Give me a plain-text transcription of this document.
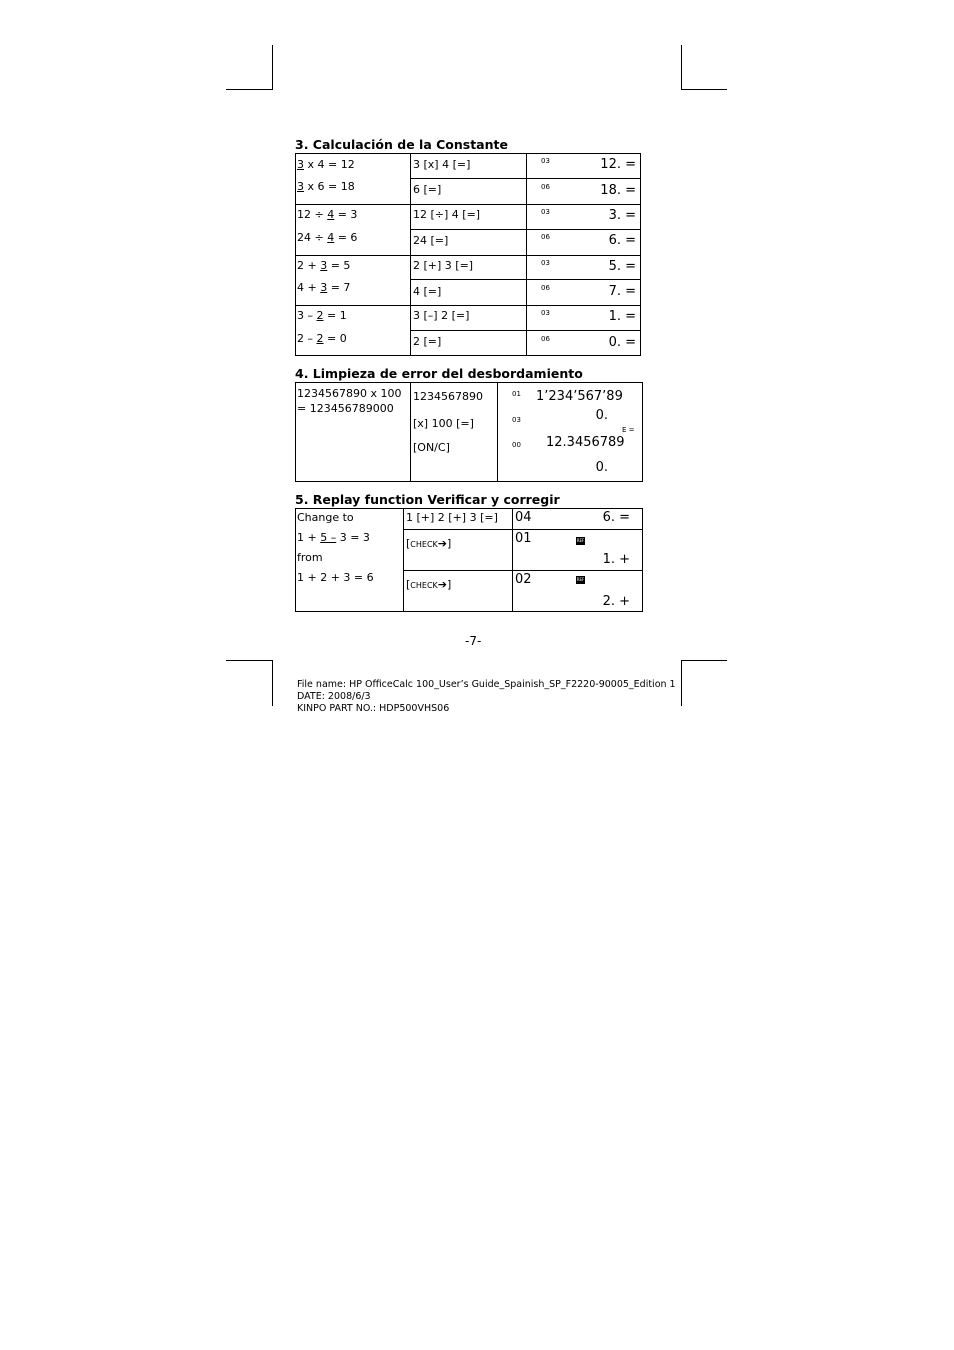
3. Calculación de la Constante
3 x 4 = 12
3 x 6 = 18
3 [x] 4 [=]
6 [=]
03
06
12. =
18. =
12 ÷ 4 = 3
24 ÷ 4 = 6
12 [÷] 4 [=]
24 [=]
03
06
3. =
6. =
2 + 3 = 5
4 + 3 = 7
2 [+] 3 [=]
4 [=]
03
06
5. =
7. =
3 – 2 = 1
2 – 2 = 0
3 [–] 2 [=]
2 [=]
03
06
1. =
0. =
4. Limpieza de error del desbordamiento
1234567890 x 100
= 123456789000
1234567890
[x] 100 [=]
[ON/C]
01
03
00
1’234’567’89
0.
12.3456789
0.
E =
5. Replay function Verificar y corregir
Change to
1 + 5 – 3 = 3
from
1 + 2 + 3 = 6
1 [+] 2 [+] 3 [=]
[CHECK➔]
[CHECK➔]
04
01
02
REF
REF
6. =
1. +
2. +
-7-
File name: HP OfficeCalc 100_User’s Guide_Spainish_SP_F2220-90005_Edition 1
DATE: 2008/6/3
KINPO PART NO.: HDP500VHS06
